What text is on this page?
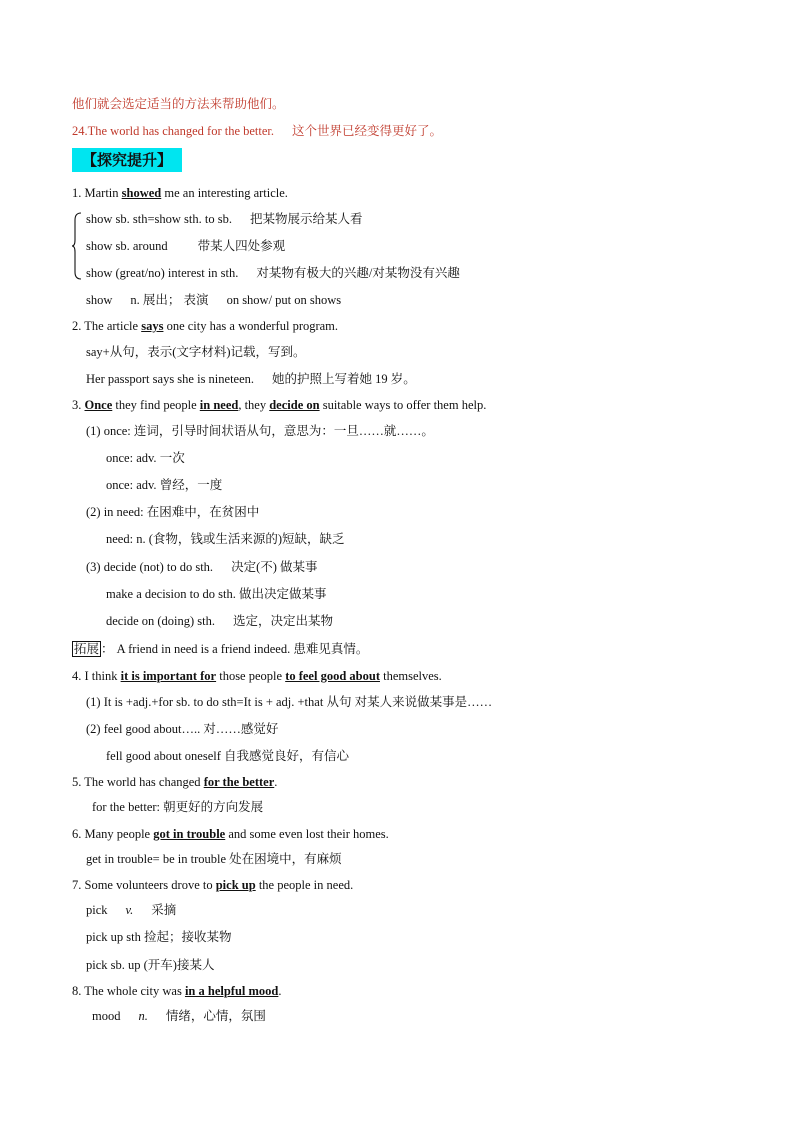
他们就会选定适当的方法来帮助他们。
24.The world has changed for the better. 这个世界已经变得更好了。
【探究提升】
1. Martin showed me an interesting article.
show sb. sth=show sth. to sb. 把某物展示给某人看
show sb. around 带某人四处参观
show (great/no) interest in sth. 对某物有极大的兴趣/对某物没有兴趣
show n. 展出； 表演 on show/ put on shows
2. The article says one city has a wonderful program.
say+从句，表示(文字材料)记载，写到。
Her passport says she is nineteen. 她的护照上写着她 19 岁。
3. Once they find people in need, they decide on suitable ways to offer them help.
(1) once: 连词，引导时间状语从句，意思为：一旦……就……。
once: adv. 一次
once: adv. 曾经，一度
(2) in need: 在困难中，在贫困中
need: n. (食物，钱或生活来源的)短缺，缺乏
(3) decide (not) to do sth. 决定(不) 做某事
make a decision to do sth. 做出决定做某事
decide on (doing) sth. 选定，决定出某物
拓展 ： A friend in need is a friend indeed. 患难见真情。
4. I think it is important for those people to feel good about themselves.
(1) It is +adj.+for sb. to do sth=It is + adj. +that 从句 对某人来说做某事是……
(2) feel good about….. 对……感觉好
fell good about oneself 自我感觉良好，有信心
5. The world has changed for the better.
for the better: 朝更好的方向发展
6. Many people got in trouble and some even lost their homes.
get in trouble= be in trouble 处在困境中，有麻烦
7. Some volunteers drove to pick up the people in need.
pick v. 采摘
pick up sth 捡起；接收某物
pick sb. up (开车)接某人
8. The whole city was in a helpful mood.
mood n. 情绪，心情，氛围
